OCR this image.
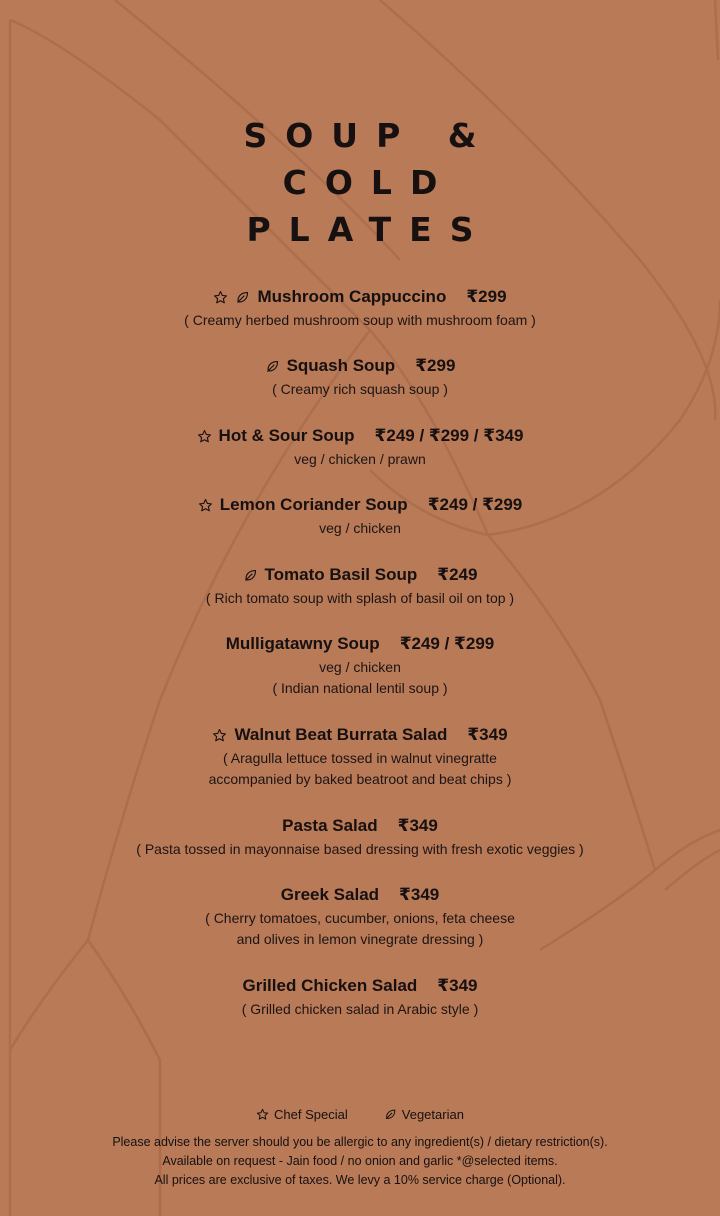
SOUP &
COLD
PLATES
Mushroom Cappuccino ₹299
( Creamy herbed mushroom soup with mushroom foam )
Squash Soup ₹299
( Creamy rich squash soup )
Hot & Sour Soup ₹249 / ₹299 / ₹349
veg / chicken / prawn
Lemon Coriander Soup ₹249 / ₹299
veg / chicken
Tomato Basil Soup ₹249
( Rich tomato soup with splash of basil oil on top )
Mulligatawny Soup ₹249 / ₹299
veg / chicken
( Indian national lentil soup )
Walnut Beat Burrata Salad ₹349
( Aragulla lettuce tossed in walnut vinegratte
accompanied by baked beatroot and beat chips )
Pasta Salad ₹349
( Pasta tossed in mayonnaise based dressing with fresh exotic veggies )
Greek Salad ₹349
( Cherry tomatoes, cucumber, onions, feta cheese
and olives in lemon vinegrate dressing )
Grilled Chicken Salad ₹349
( Grilled chicken salad in Arabic style )
Chef Special	Vegetarian
Please advise the server should you be allergic to any ingredient(s) / dietary restriction(s).
Available on request - Jain food / no onion and garlic *@selected items.
All prices are exclusive of taxes. We levy a 10% service charge (Optional).
